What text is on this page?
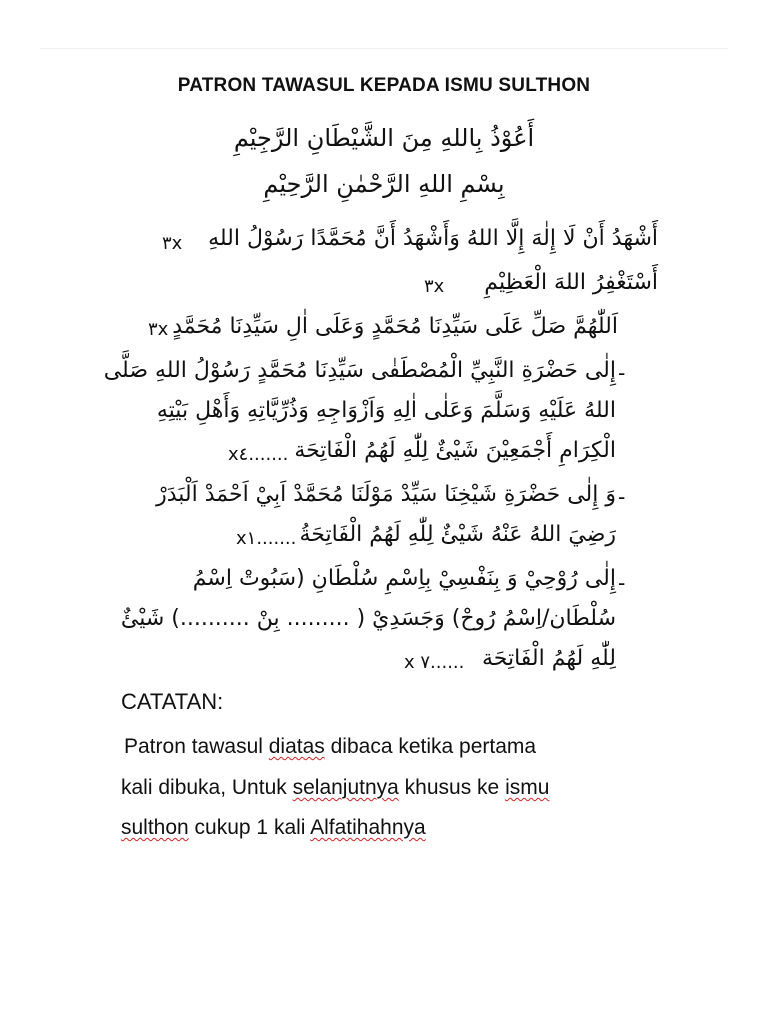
PATRON TAWASUL KEPADA ISMU SULTHON
أَعُوْذُ بِاللهِ مِنَ الشَّيْطَانِ الرَّجِيْمِ
بِسْمِ اللهِ الرَّحْمٰنِ الرَّحِيْمِ
أَشْهَدُ أَنْ لَا إِلٰهَ إِلَّا اللهُ وَأَشْهَدُ أَنَّ مُحَمَّدًا رَسُوْلُ اللهِ
٣x
أَسْتَغْفِرُ اللهَ الْعَظِيْمِ
٣x
اَللّٰهُمَّ صَلِّ عَلَى سَيِّدِنَا مُحَمَّدٍ وَعَلَى اٰلِ سَيِّدِنَا مُحَمَّدٍ
٣x
-
إِلٰى حَضْرَةِ النَّبِيِّ الْمُصْطَفٰى سَيِّدِنَا مُحَمَّدٍ رَسُوْلُ اللهِ صَلَّى
اللهُ عَلَيْهِ وَسَلَّمَ وَعَلٰى اٰلِهِ وَاَزْوَاجِهِ وَذُرِّيَّاتِهِ وَأَهْلِ بَيْتِهِ
الْكِرَامِ أَجْمَعِيْنَ شَيْئٌ لِلّٰهِ لَهُمُ الْفَاتِحَة
x٤.......
-
وَ إِلٰى حَضْرَةِ شَيْخِنَا سَيِّدْ مَوْلَنَا مُحَمَّدْ اَبِيْ اَحْمَدْ اَلْبَدَرْ
رَضِيَ اللهُ عَنْهُ شَيْئٌ لِلّٰهِ لَهُمُ الْفَاتِحَةُ
x١.......
-
إِلٰى رُوْحِيْ وَ بِنَفْسِيْ بِاِسْمِ سُلْطَانِ (سَبُوتْ اِسْمُ
سُلْطَان/اِسْمُ رُوحْ) وَجَسَدِيْ ( ......... بِنْ ..........) شَيْئٌ
لِلّٰهِ لَهُمُ الْفَاتِحَة
x ٧......
CATATAN:
Patron tawasul diatas dibaca ketika pertama
kali dibuka, Untuk selanjutnya khusus ke ismu
sulthon cukup 1 kali Alfatihahnya
